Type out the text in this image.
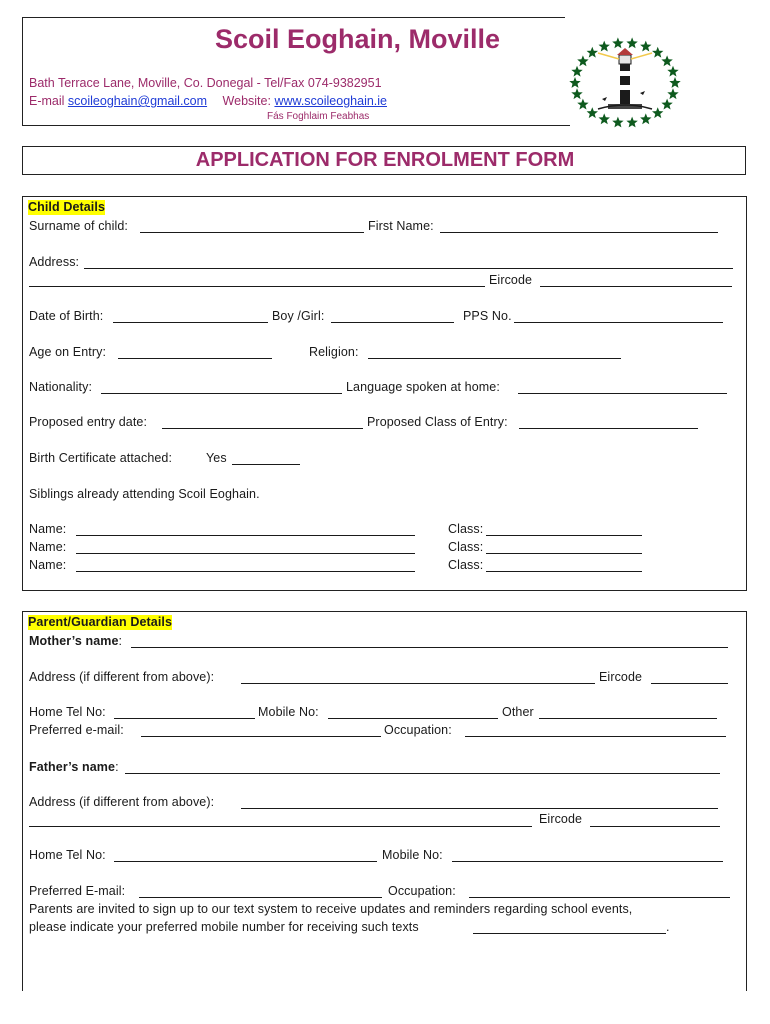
Scoil Eoghain, Moville
Bath Terrace Lane, Moville, Co. Donegal - Tel/Fax 074-9382951
E-mail scoileoghain@gmail.com Website: www.scoileoghain.ie
Fás Foghlaim Feabhas
APPLICATION FOR ENROLMENT FORM
Child Details
Surname of child:	First Name:
Address:
Eircode
Date of Birth:	Boy /Girl:	PPS No.
Age on Entry:	Religion:
Nationality:	Language spoken at home:
Proposed entry date:	Proposed Class of Entry:
Birth Certificate attached:	Yes
Siblings already attending Scoil Eoghain.
Name:	Class:
Name:	Class:
Name:	Class:
Parent/Guardian Details
Mother’s name:
Address (if different from above):	Eircode
Home Tel No:	Mobile No:	Other
Preferred e-mail:	Occupation:
Father’s name:
Address (if different from above):
Eircode
Home Tel No:	Mobile No:
Preferred E-mail:	Occupation:
Parents are invited to sign up to our text system to receive updates and reminders regarding school events,
please indicate your preferred mobile number for receiving such texts	.
